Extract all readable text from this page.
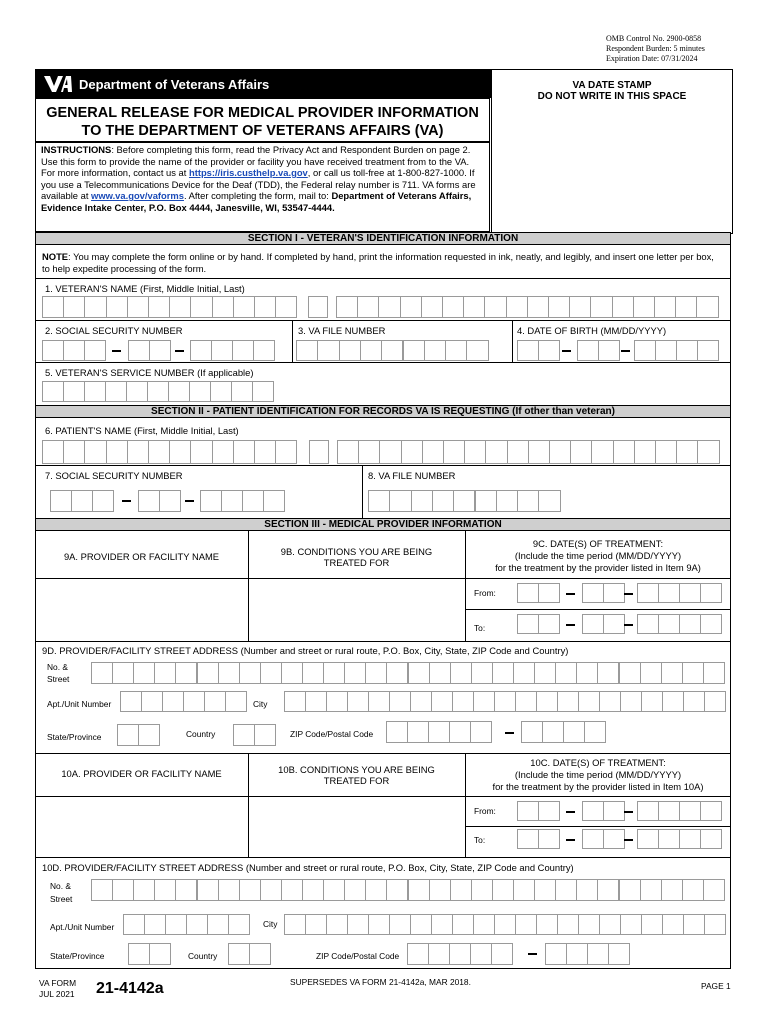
OMB Control No. 2900-0858
Respondent Burden: 5 minutes
Expiration Date: 07/31/2024
Department of Veterans Affairs	VA DATE STAMP
DO NOT WRITE IN THIS SPACE
GENERAL RELEASE FOR MEDICAL PROVIDER INFORMATION
TO THE DEPARTMENT OF VETERANS AFFAIRS (VA)
INSTRUCTIONS: Before completing this form, read the Privacy Act and Respondent Burden on page 2. Use this form to provide the name of the provider or facility you have received treatment from to the VA. For more information, contact us at https://iris.custhelp.va.gov, or call us toll-free at 1-800-827-1000. If you use a Telecommunications Device for the Deaf (TDD), the Federal relay number is 711. VA forms are available at www.va.gov/vaforms. After completing the form, mail to: Department of Veterans Affairs, Evidence Intake Center, P.O. Box 4444, Janesville, WI, 53547-4444.
SECTION I - VETERAN'S IDENTIFICATION INFORMATION
NOTE: You may complete the form online or by hand. If completed by hand, print the information requested in ink, neatly, and legibly, and insert one letter per box, to help expedite processing of the form.
1. VETERAN'S NAME (First, Middle Initial, Last)
2. SOCIAL SECURITY NUMBER	3. VA FILE NUMBER	4. DATE OF BIRTH (MM/DD/YYYY)
5. VETERAN'S SERVICE NUMBER (If applicable)
SECTION II - PATIENT IDENTIFICATION FOR RECORDS VA IS REQUESTING (If other than veteran)
6. PATIENT'S NAME (First, Middle Initial, Last)
7. SOCIAL SECURITY NUMBER	8. VA FILE NUMBER
SECTION III - MEDICAL PROVIDER INFORMATION
9A. PROVIDER OR FACILITY NAME	9B. CONDITIONS YOU ARE BEING
TREATED FOR
9C. DATE(S) OF TREATMENT:
(Include the time period (MM/DD/YYYY)
for the treatment by the provider listed in Item 9A)
From:
To:
9D. PROVIDER/FACILITY STREET ADDRESS (Number and street or rural route, P.O. Box, City, State, ZIP Code and Country)
No. &
Street
Apt./Unit Number	City
State/Province	Country	ZIP Code/Postal Code
10A. PROVIDER OR FACILITY NAME	10B. CONDITIONS YOU ARE BEING
TREATED FOR
10C. DATE(S) OF TREATMENT:
(Include the time period (MM/DD/YYYY)
for the treatment by the provider listed in Item 10A)
From:
To:
10D. PROVIDER/FACILITY STREET ADDRESS (Number and street or rural route, P.O. Box, City, State, ZIP Code and Country)
No. &
Street
Apt./Unit Number	City
State/Province	Country	ZIP Code/Postal Code
VA FORM
JUL 2021 21-4142a	SUPERSEDES VA FORM 21-4142a, MAR 2018.	PAGE 1
